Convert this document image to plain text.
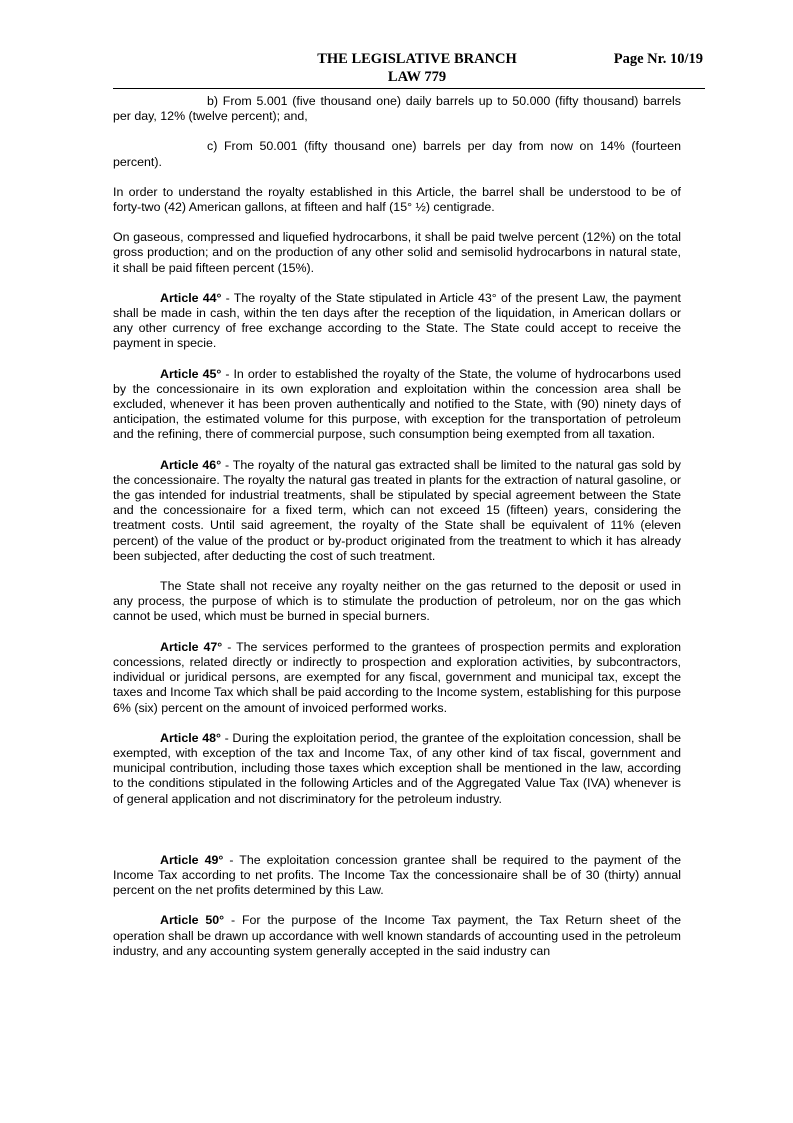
THE LEGISLATIVE BRANCH
LAW 779
Page Nr. 10/19

b) From 5.001 (five thousand one) daily barrels up to 50.000 (fifty thousand) barrels per day, 12% (twelve percent); and,

c) From 50.001 (fifty thousand one) barrels per day from now on 14% (fourteen percent).

In order to understand the royalty established in this Article, the barrel shall be understood to be of forty-two (42) American gallons, at fifteen and half (15° ½) centigrade.

On gaseous, compressed and liquefied hydrocarbons, it shall be paid twelve percent (12%) on the total gross production; and on the production of any other solid and semisolid hydrocarbons in natural state, it shall be paid fifteen percent (15%).

Article 44° - The royalty of the State stipulated in Article 43° of the present Law, the payment shall be made in cash, within the ten days after the reception of the liquidation, in American dollars or any other currency of free exchange according to the State. The State could accept to receive the payment in specie.

Article 45° - In order to established the royalty of the State, the volume of hydrocarbons used by the concessionaire in its own exploration and exploitation within the concession area shall be excluded, whenever it has been proven authentically and notified to the State, with (90) ninety days of anticipation, the estimated volume for this purpose, with exception for the transportation of petroleum and the refining, there of commercial purpose, such consumption being exempted from all taxation.

Article 46° - The royalty of the natural gas extracted shall be limited to the natural gas sold by the concessionaire. The royalty the natural gas treated in plants for the extraction of natural gasoline, or the gas intended for industrial treatments, shall be stipulated by special agreement between the State and the concessionaire for a fixed term, which can not exceed 15 (fifteen) years, considering the treatment costs. Until said agreement, the royalty of the State shall be equivalent of 11% (eleven percent) of the value of the product or by-product originated from the treatment to which it has already been subjected, after deducting the cost of such treatment.

The State shall not receive any royalty neither on the gas returned to the deposit or used in any process, the purpose of which is to stimulate the production of petroleum, nor on the gas which cannot be used, which must be burned in special burners.

Article 47° - The services performed to the grantees of prospection permits and exploration concessions, related directly or indirectly to prospection and exploration activities, by subcontractors, individual or juridical persons, are exempted for any fiscal, government and municipal tax, except the taxes and Income Tax which shall be paid according to the Income system, establishing for this purpose 6% (six) percent on the amount of invoiced performed works.

Article 48° - During the exploitation period, the grantee of the exploitation concession, shall be exempted, with exception of the tax and Income Tax, of any other kind of tax fiscal, government and municipal contribution, including those taxes which exception shall be mentioned in the law, according to the conditions stipulated in the following Articles and of the Aggregated Value Tax (IVA) whenever is of general application and not discriminatory for the petroleum industry.

Article 49° - The exploitation concession grantee shall be required to the payment of the Income Tax according to net profits. The Income Tax the concessionaire shall be of 30 (thirty) annual percent on the net profits determined by this Law.

Article 50° - For the purpose of the Income Tax payment, the Tax Return sheet of the operation shall be drawn up accordance with well known standards of accounting used in the petroleum industry, and any accounting system generally accepted in the said industry can
